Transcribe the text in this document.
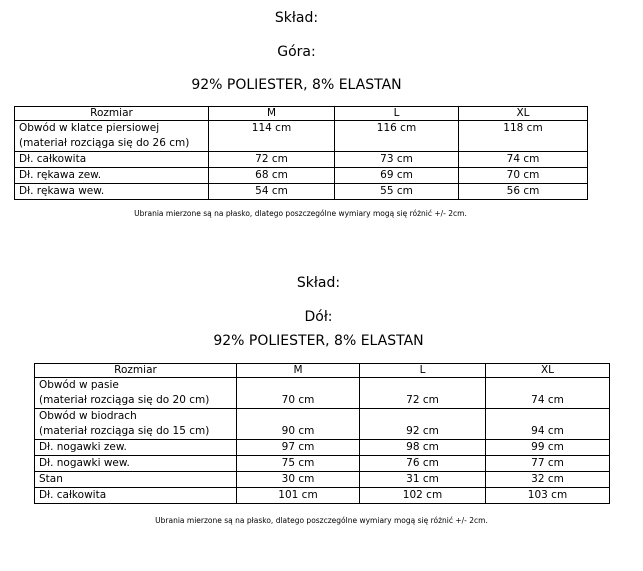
Skład:

Góra:

92% POLIESTER, 8% ELASTAN

Rozmiar	M	L	XL

Obwód w klatce piersiowej
(materiał rozciąga się do 26 cm)	114 cm	116 cm	118 cm
Dł. całkowita	72 cm	73 cm	74 cm
Dł. rękawa zew.	68 cm	69 cm	70 cm
Dł. rękawa wew.	54 cm	55 cm	56 cm
Ubrania mierzone są na płasko, dlatego poszczególne wymiary mogą się różnić +/- 2cm.

Skład:

Dół:

92% POLIESTER, 8% ELASTAN

Rozmiar	M	L	XL

Obwód w pasie
(materiał rozciąga się do 20 cm)	70 cm	72 cm	74 cm

Obwód w biodrach
(materiał rozciąga się do 15 cm)	90 cm	92 cm	94 cm
Dł. nogawki zew.	97 cm	98 cm	99 cm
Dł. nogawki wew.	75 cm	76 cm	77 cm
Stan	30 cm	31 cm	32 cm
Dł. całkowita	101 cm	102 cm	103 cm
Ubrania mierzone są na płasko, dlatego poszczególne wymiary mogą się różnić +/- 2cm.
